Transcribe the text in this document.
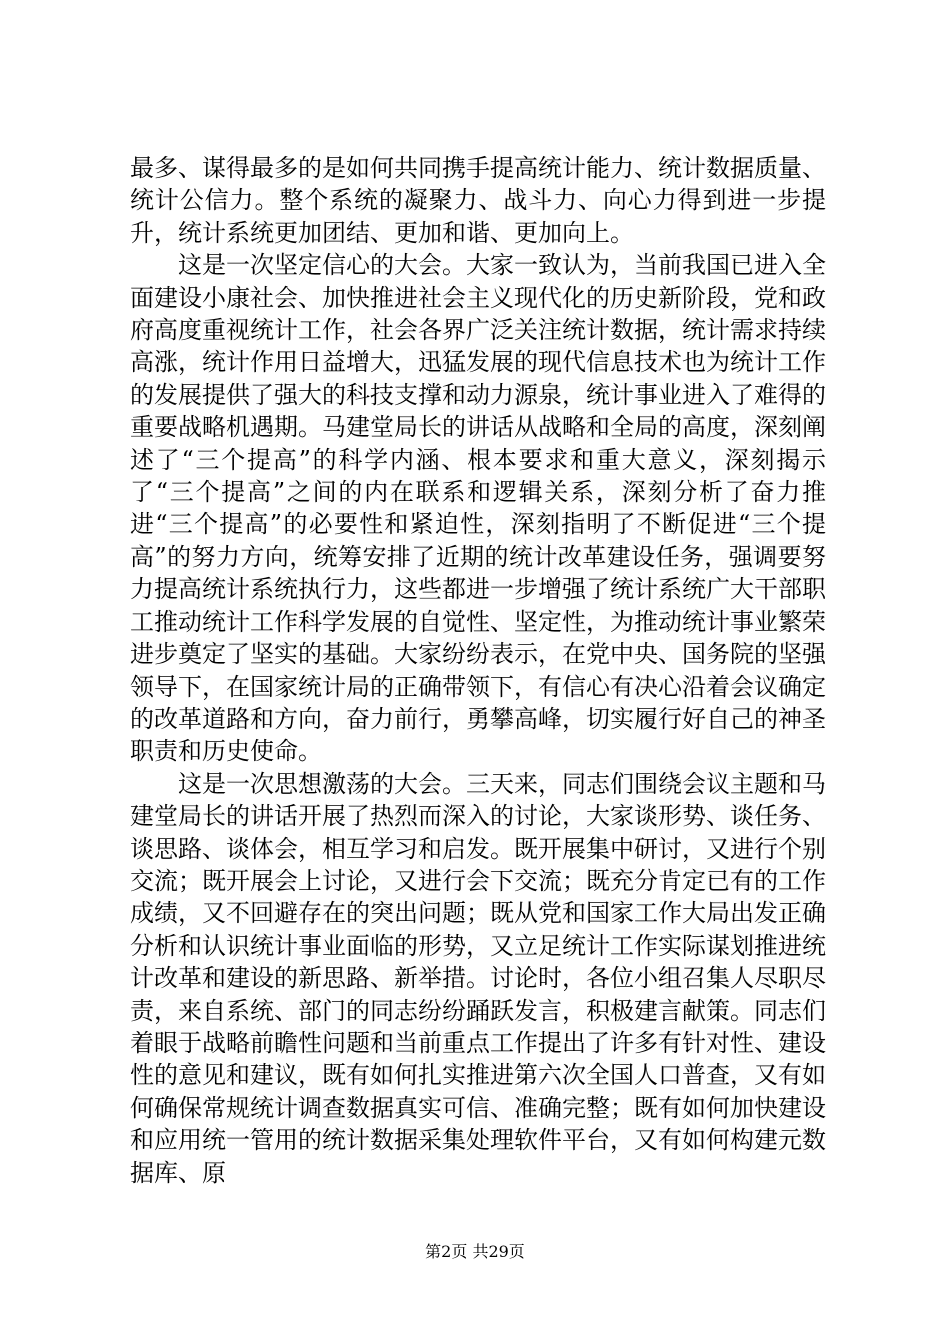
最多、谋得最多的是如何共同携手提高统计能力、统计数据质量、统计公信力。整个系统的凝聚力、战斗力、向心力得到进一步提升，统计系统更加团结、更加和谐、更加向上。

这是一次坚定信心的大会。大家一致认为，当前我国已进入全面建设小康社会、加快推进社会主义现代化的历史新阶段，党和政府高度重视统计工作，社会各界广泛关注统计数据，统计需求持续高涨，统计作用日益增大，迅猛发展的现代信息技术也为统计工作的发展提供了强大的科技支撑和动力源泉，统计事业进入了难得的重要战略机遇期。马建堂局长的讲话从战略和全局的高度，深刻阐述了“三个提高”的科学内涵、根本要求和重大意义，深刻揭示了“三个提高”之间的内在联系和逻辑关系，深刻分析了奋力推进“三个提高”的必要性和紧迫性，深刻指明了不断促进“三个提高”的努力方向，统筹安排了近期的统计改革建设任务，强调要努力提高统计系统执行力，这些都进一步增强了统计系统广大干部职工推动统计工作科学发展的自觉性、坚定性，为推动统计事业繁荣进步奠定了坚实的基础。大家纷纷表示，在党中央、国务院的坚强领导下，在国家统计局的正确带领下，有信心有决心沿着会议确定的改革道路和方向，奋力前行，勇攀高峰，切实履行好自己的神圣职责和历史使命。

这是一次思想激荡的大会。三天来，同志们围绕会议主题和马建堂局长的讲话开展了热烈而深入的讨论，大家谈形势、谈任务、谈思路、谈体会，相互学习和启发。既开展集中研讨，又进行个别交流；既开展会上讨论，又进行会下交流；既充分肯定已有的工作成绩，又不回避存在的突出问题；既从党和国家工作大局出发正确分析和认识统计事业面临的形势，又立足统计工作实际谋划推进统计改革和建设的新思路、新举措。讨论时，各位小组召集人尽职尽责，来自系统、部门的同志纷纷踊跃发言，积极建言献策。同志们着眼于战略前瞻性问题和当前重点工作提出了许多有针对性、建设性的意见和建议，既有如何扎实推进第六次全国人口普查，又有如何确保常规统计调查数据真实可信、准确完整；既有如何加快建设和应用统一管用的统计数据采集处理软件平台，又有如何构建元数据库、原

第2页 共29页
